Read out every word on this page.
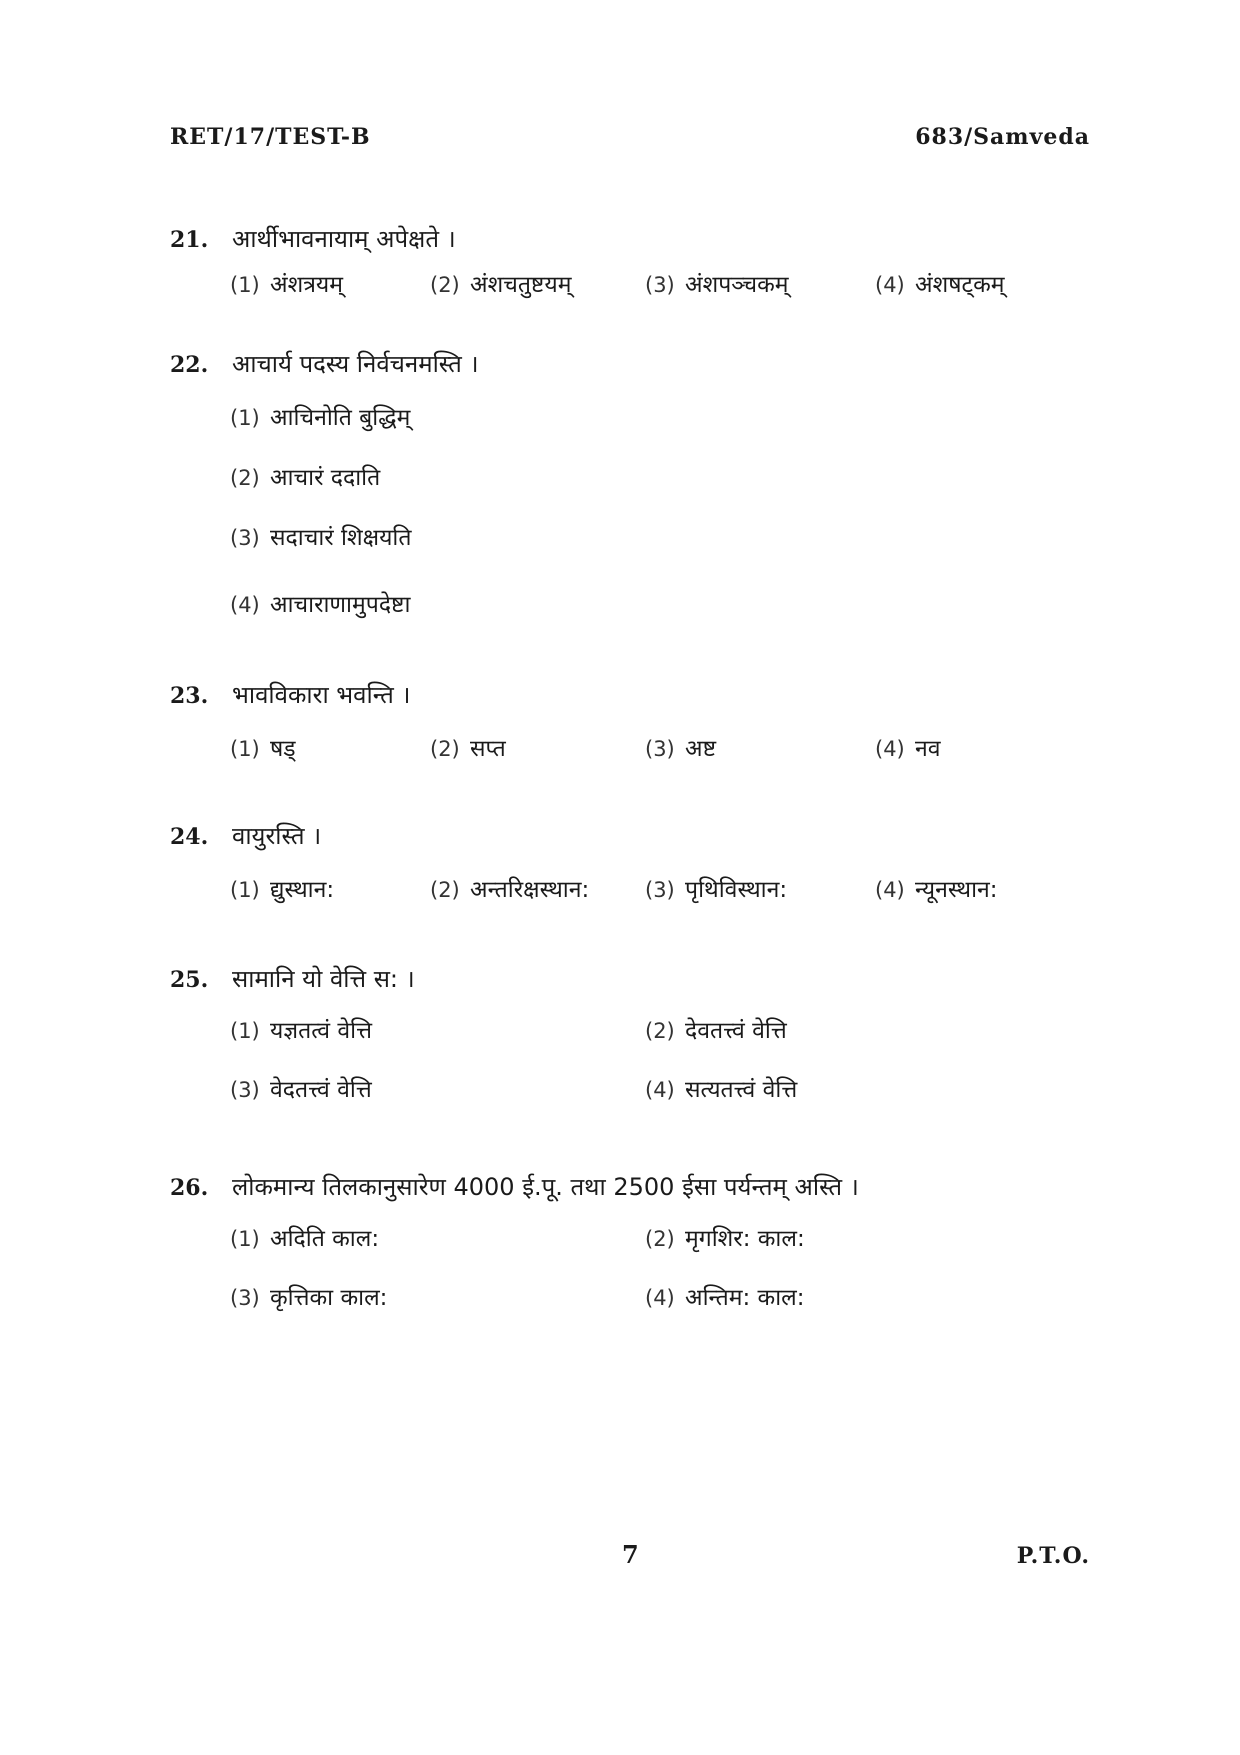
RET/17/TEST-B	683/Samveda
21. आर्थीभावनायाम् अपेक्षते ।
(1) अंशत्रयम्	(2) अंशचतुष्टयम्	(3) अंशपञ्चकम्	(4) अंशषट्कम्
22. आचार्य पदस्य निर्वचनमस्ति ।
(1) आचिनोति बुद्धिम्
(2) आचारं ददाति
(3) सदाचारं शिक्षयति
(4) आचाराणामुपदेष्टा
23. भावविकारा भवन्ति ।
(1) षड्	(2) सप्त	(3) अष्ट	(4) नव
24. वायुरस्ति ।
(1) द्युस्थान:	(2) अन्तरिक्षस्थान:	(3) पृथिविस्थान:	(4) न्यूनस्थान:
25. सामानि यो वेत्ति स: ।
(1) यज्ञतत्वं वेत्ति	(2) देवतत्त्वं वेत्ति
(3) वेदतत्त्वं वेत्ति	(4) सत्यतत्त्वं वेत्ति
26. लोकमान्य तिलकानुसारेण 4000 ई.पू. तथा 2500 ईसा पर्यन्तम् अस्ति ।
(1) अदिति काल:	(2) मृगशिर: काल:
(3) कृत्तिका काल:	(4) अन्तिम: काल:
7	P.T.O.
